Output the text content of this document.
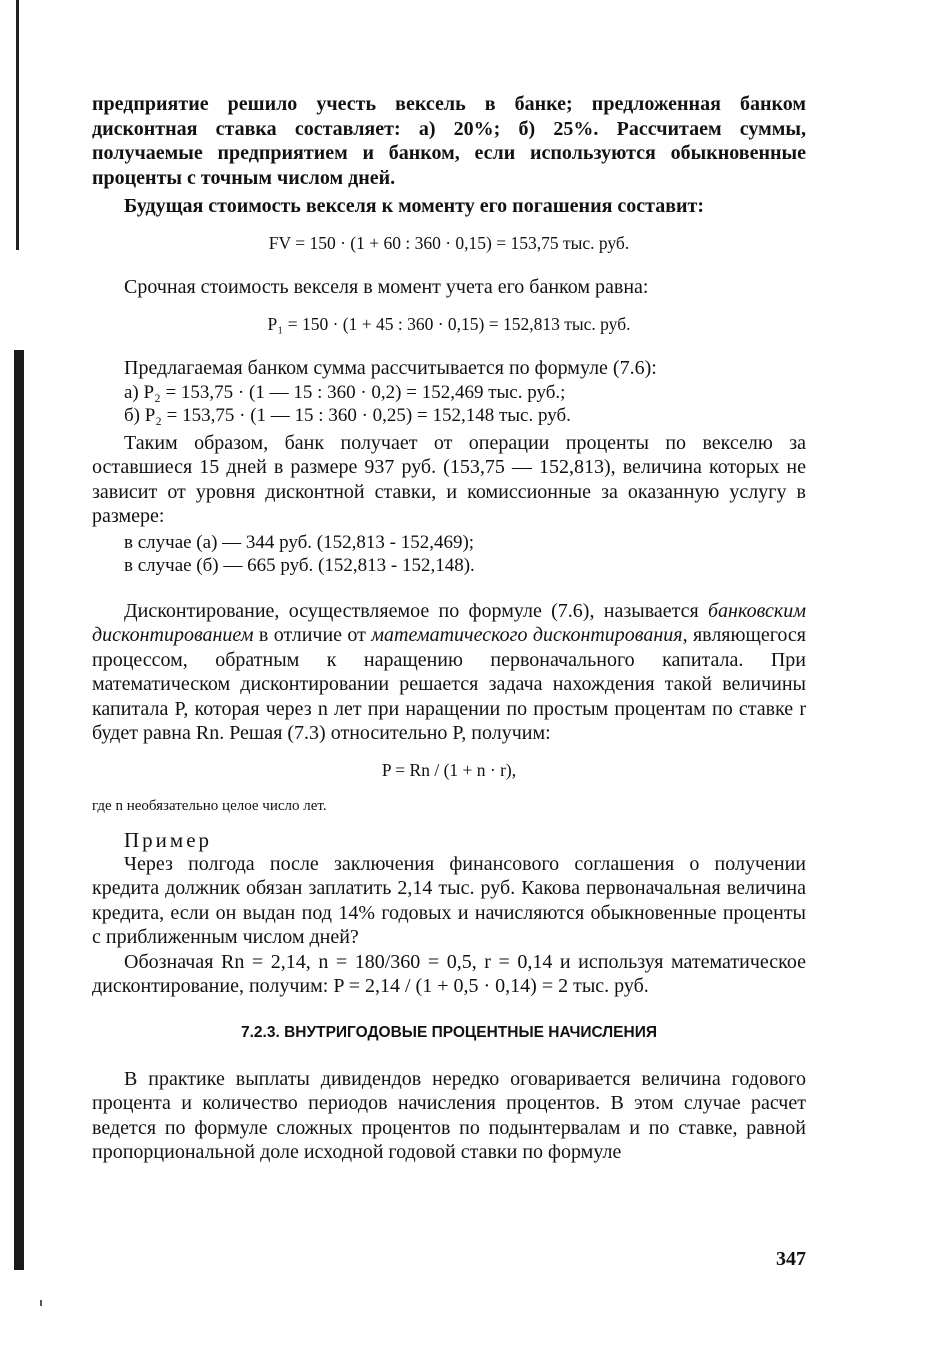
предприятие решило учесть вексель в банке; предложенная банком дисконтная ставка составляет: а) 20%; б) 25%. Рассчитаем суммы, получаемые предприятием и банком, если используются обыкновенные проценты с точным числом дней.

Будущая стоимость векселя к моменту его погашения составит:

FV = 150 · (1 + 60 : 360 · 0,15) = 153,75 тыс. руб.

Срочная стоимость векселя в момент учета его банком равна:

P₁ = 150 · (1 + 45 : 360 · 0,15) = 152,813 тыс. руб.

Предлагаемая банком сумма рассчитывается по формуле (7.6):

а) P₂ = 153,75 · (1 — 15 : 360 · 0,2) = 152,469 тыс. руб.;

б) P₂ = 153,75 · (1 — 15 : 360 · 0,25) = 152,148 тыс. руб.

Таким образом, банк получает от операции проценты по векселю за оставшиеся 15 дней в размере 937 руб. (153,75 — 152,813), величина которых не зависит от уровня дисконтной ставки, и комиссионные за оказанную услугу в размере:

в случае (а) — 344 руб. (152,813 - 152,469);

в случае (б) — 665 руб. (152,813 - 152,148).

Дисконтирование, осуществляемое по формуле (7.6), называется банковским дисконтированием в отличие от математического дисконтирования, являющегося процессом, обратным к наращению первоначального капитала. При математическом дисконтировании решается задача нахождения такой величины капитала P, которая через n лет при наращении по простым процентам по ставке r будет равна Rn. Решая (7.3) относительно P, получим:

P = Rn / (1 + n · r),

где n необязательно целое число лет.

Пример

Через полгода после заключения финансового соглашения о получении кредита должник обязан заплатить 2,14 тыс. руб. Какова первоначальная величина кредита, если он выдан под 14% годовых и начисляются обыкновенные проценты с приближенным числом дней?

Обозначая Rn = 2,14, n = 180/360 = 0,5, r = 0,14 и используя математическое дисконтирование, получим: P = 2,14 / (1 + 0,5 · 0,14) = 2 тыс. руб.

7.2.3. ВНУТРИГОДОВЫЕ ПРОЦЕНТНЫЕ НАЧИСЛЕНИЯ

В практике выплаты дивидендов нередко оговаривается величина годового процента и количество периодов начисления процентов. В этом случае расчет ведется по формуле сложных процентов по подынтервалам и по ставке, равной пропорциональной доле исходной годовой ставки по формуле

347
